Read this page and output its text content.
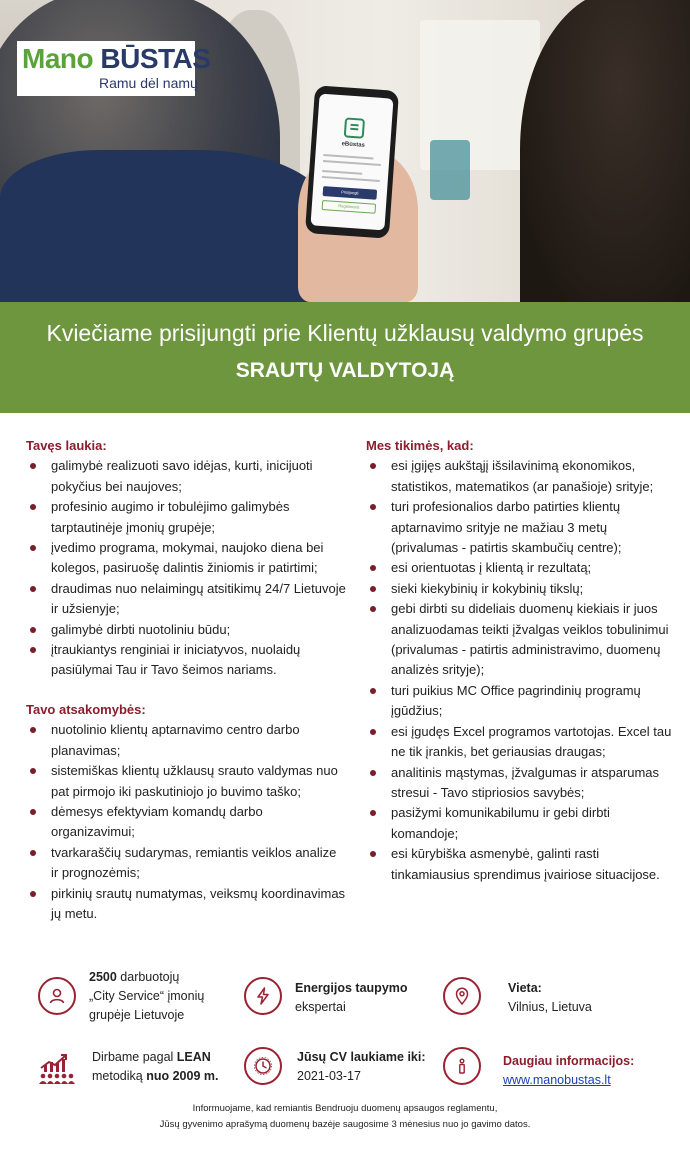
eBūstas
Prisijungti
Registruotis
Mano BŪSTAS
Ramu dėl namų
Kviečiame prisijungti prie Klientų užklausų valdymo grupės
SRAUTŲ VALDYTOJĄ

Tavęs laukia:

galimybė realizuoti savo idėjas, kurti, inicijuoti pokyčius bei naujoves;
profesinio augimo ir tobulėjimo galimybės tarptautinėje įmonių grupėje;
įvedimo programa, mokymai, naujoko diena bei kolegos, pasiruošę dalintis žiniomis ir patirtimi;
draudimas nuo nelaimingų atsitikimų 24/7 Lietuvoje ir užsienyje;
galimybė dirbti nuotoliniu būdu;
įtraukiantys renginiai ir iniciatyvos, nuolaidų pasiūlymai Tau ir Tavo šeimos nariams.

Tavo atsakomybės:

nuotolinio klientų aptarnavimo centro darbo planavimas;
sistemiškas klientų užklausų srauto valdymas nuo pat pirmojo iki paskutiniojo jo buvimo taško;
dėmesys efektyviam komandų darbo organizavimui;
tvarkaraščių sudarymas, remiantis veiklos analize ir prognozėmis;
pirkinių srautų numatymas, veiksmų koordinavimas jų metu.

Mes tikimės, kad:

esi įgijęs aukštąjį išsilavinimą ekonomikos, statistikos, matematikos (ar panašioje) srityje;
turi profesionalios darbo patirties klientų aptarnavimo srityje ne mažiau 3 metų (privalumas - patirtis skambučių centre);
esi orientuotas į klientą ir rezultatą;
sieki kiekybinių ir kokybinių tikslų;
gebi dirbti su dideliais duomenų kiekiais ir juos analizuodamas teikti įžvalgas veiklos tobulinimui (privalumas - patirtis administravimo, duomenų analizės srityje);
turi puikius MC Office pagrindinių programų įgūdžius;
esi įgudęs Excel programos vartotojas. Excel tau ne tik įrankis, bet geriausias draugas;
analitinis mąstymas, įžvalgumas ir atsparumas stresui - Tavo stipriosios savybės;
pasižymi komunikabilumu ir gebi dirbti komandoje;
esi kūrybiška asmenybė, galinti rasti tinkamiausius sprendimus įvairiose situacijose.
2500 darbuotojų
„City Service“ įmonių
grupėje Lietuvoje
Energijos taupymo
ekspertai
Vieta:
Vilnius, Lietuva
Dirbame pagal LEAN
metodiką nuo 2009 m.
Jūsų CV laukiame iki:
2021-03-17
Daugiau informacijos:
www.manobustas.lt
Informuojame, kad remiantis Bendruoju duomenų apsaugos reglamentu,
Jūsų gyvenimo aprašymą duomenų bazėje saugosime 3 mėnesius nuo jo gavimo datos.
